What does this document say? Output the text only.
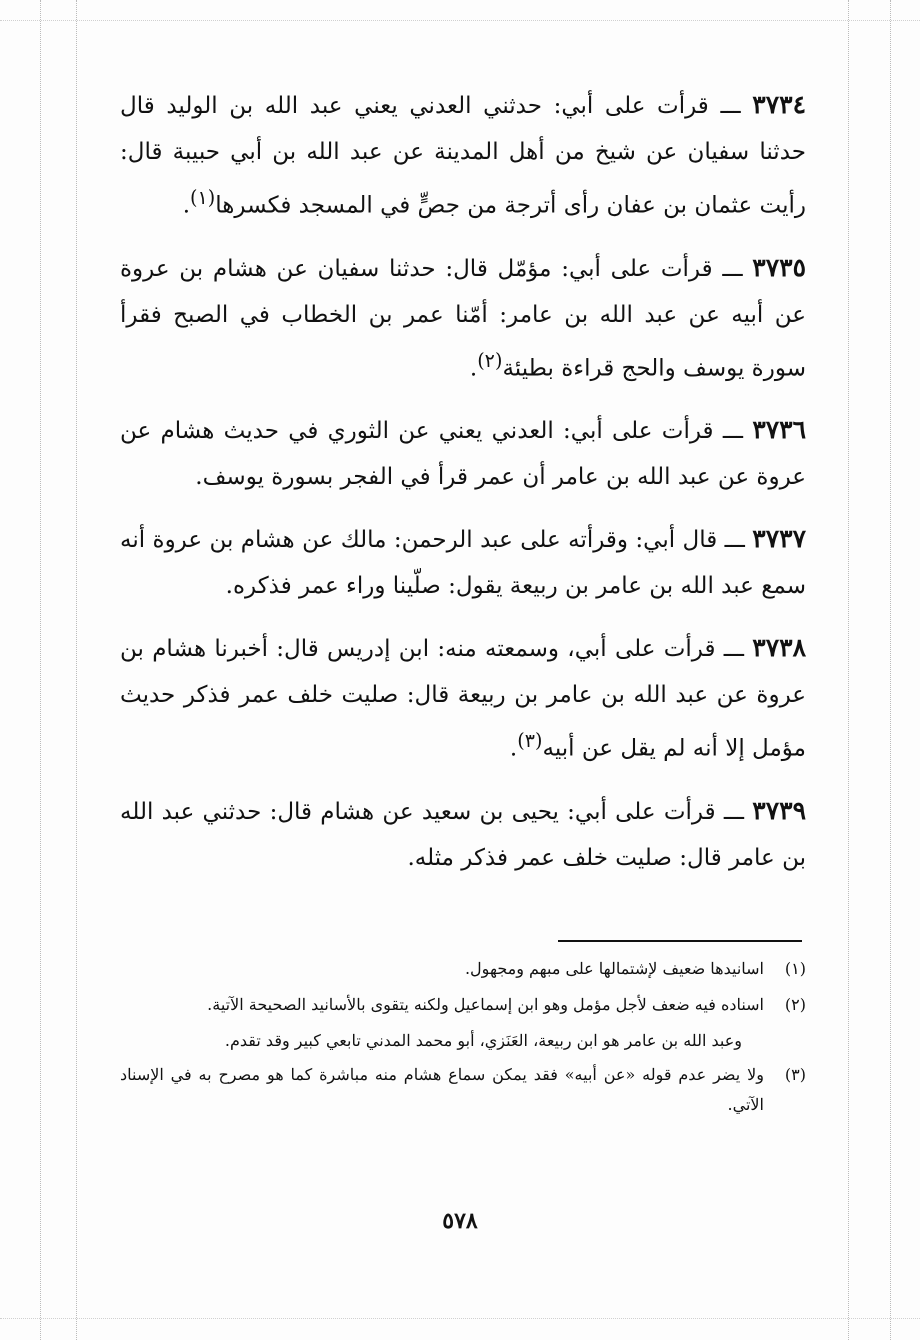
٣٧٣٤ ـــ قرأت على أبي: حدثني العدني يعني عبد الله بن الوليد قال حدثنا سفيان عن شيخ من أهل المدينة عن عبد الله بن أبي حبيبة قال: رأيت عثمان بن عفان رأى أترجة من جصٍّ في المسجد فكسرها$^{(١)}$.

٣٧٣٥ ـــ قرأت على أبي: مؤمّل قال: حدثنا سفيان عن هشام بن عروة عن أبيه عن عبد الله بن عامر: أمّنا عمر بن الخطاب في الصبح فقرأ سورة يوسف والحج قراءة بطيئة$^{(٢)}$.

٣٧٣٦ ـــ قرأت على أبي: العدني يعني عن الثوري في حديث هشام عن عروة عن عبد الله بن عامر أن عمر قرأ في الفجر بسورة يوسف.

٣٧٣٧ ـــ قال أبي: وقرأته على عبد الرحمن: مالك عن هشام بن عروة أنه سمع عبد الله بن عامر بن ربيعة يقول: صلّينا وراء عمر فذكره.

٣٧٣٨ ـــ قرأت على أبي، وسمعته منه: ابن إدريس قال: أخبرنا هشام بن عروة عن عبد الله بن عامر بن ربيعة قال: صليت خلف عمر فذكر حديث مؤمل إلا أنه لم يقل عن أبيه$^{(٣)}$.

٣٧٣٩ ـــ قرأت على أبي: يحيى بن سعيد عن هشام قال: حدثني عبد الله بن عامر قال: صليت خلف عمر فذكر مثله.

(١)
اسانيدها ضعيف لإشتمالها على مبهم ومجهول.
(٢)
اسناده فيه ضعف لأجل مؤمل وهو ابن إسماعيل ولكنه يتقوى بالأسانيد الصحيحة الآتية.
وعبد الله بن عامر هو ابن ربيعة، العَنَزي، أبو محمد المدني تابعي كبير وقد تقدم.
(٣)
ولا يضر عدم قوله «عن أبيه» فقد يمكن سماع هشام منه مباشرة كما هو مصرح به في الإسناد الآتي.
٥٧٨
